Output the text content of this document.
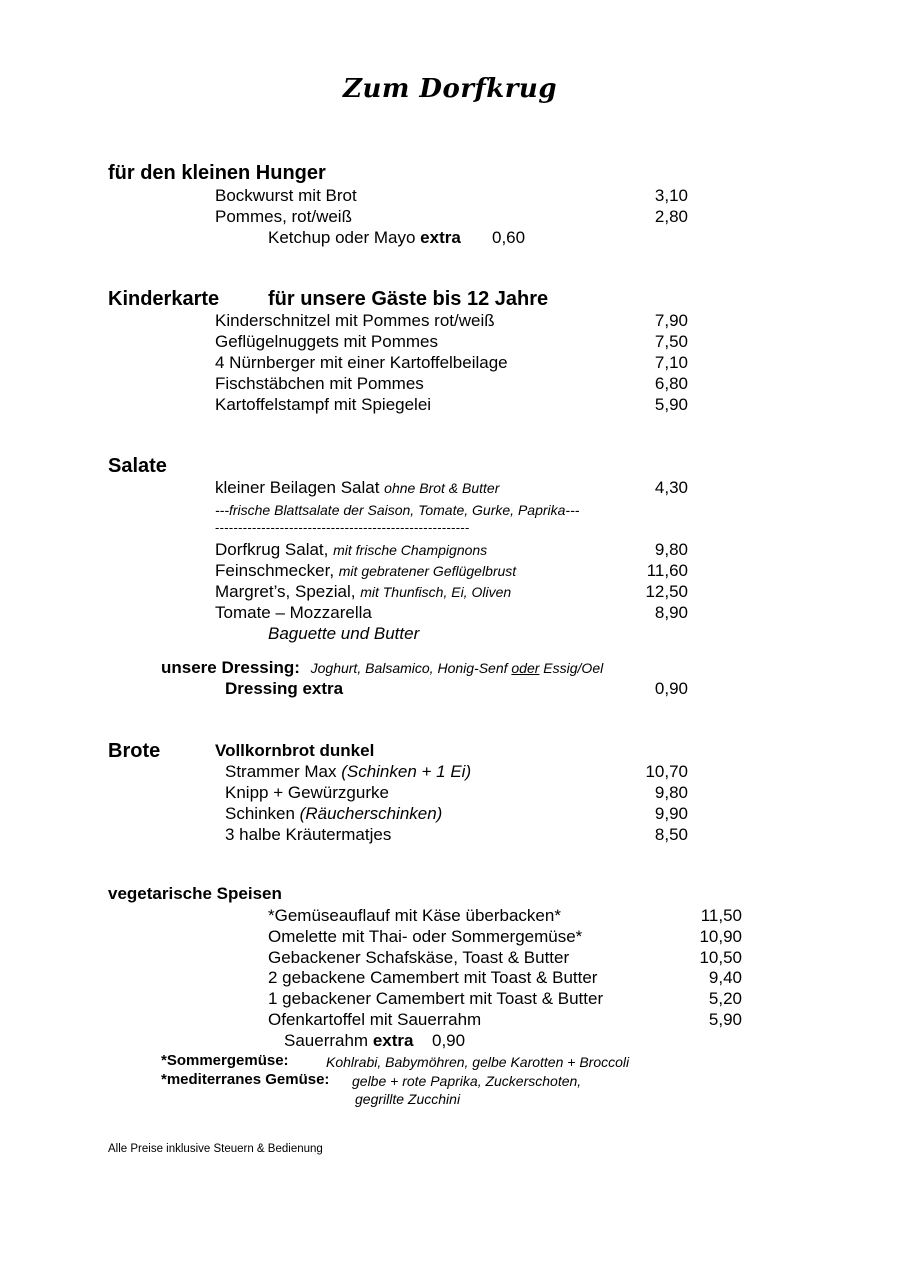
Zum Dorfkrug
für den kleinen Hunger
Bockwurst mit Brot	3,10
Pommes, rot/weiß	2,80
Ketchup oder Mayo extra 0,60
Kinderkarte für unsere Gäste bis 12 Jahre
Kinderschnitzel mit Pommes rot/weiß	7,90
Geflügelnuggets mit Pommes	7,50
4 Nürnberger mit einer Kartoffelbeilage	7,10
Fischstäbchen mit Pommes	6,80
Kartoffelstampf mit Spiegelei	5,90
Salate
kleiner Beilagen Salat ohne Brot & Butter	4,30
---frische Blattsalate der Saison, Tomate, Gurke, Paprika---
-------------------------------------------------------
Dorfkrug Salat, mit frische Champignons	9,80
Feinschmecker, mit gebratener Geflügelbrust	11,60
Margret’s, Spezial, mit Thunfisch, Ei, Oliven	12,50
Tomate – Mozzarella	8,90
Baguette und Butter
unsere Dressing: Joghurt, Balsamico, Honig-Senf oder Essig/Oel
Dressing extra	0,90
Brote	Vollkornbrot dunkel
Strammer Max (Schinken + 1 Ei)	10,70
Knipp + Gewürzgurke	9,80
Schinken (Räucherschinken)	9,90
3 halbe Kräutermatjes	8,50
vegetarische Speisen
*Gemüseauflauf mit Käse überbacken*	11,50
Omelette mit Thai- oder Sommergemüse*	10,90
Gebackener Schafskäse, Toast & Butter	10,50
2 gebackene Camembert mit Toast & Butter	9,40
1 gebackener Camembert mit Toast & Butter	5,20
Ofenkartoffel mit Sauerrahm	5,90
Sauerrahm extra 0,90
*Sommergemüse:	Kohlrabi, Babymöhren, gelbe Karotten + Broccoli
*mediterranes Gemüse: gelbe + rote Paprika, Zuckerschoten,
gegrillte Zucchini
Alle Preise inklusive Steuern & Bedienung
